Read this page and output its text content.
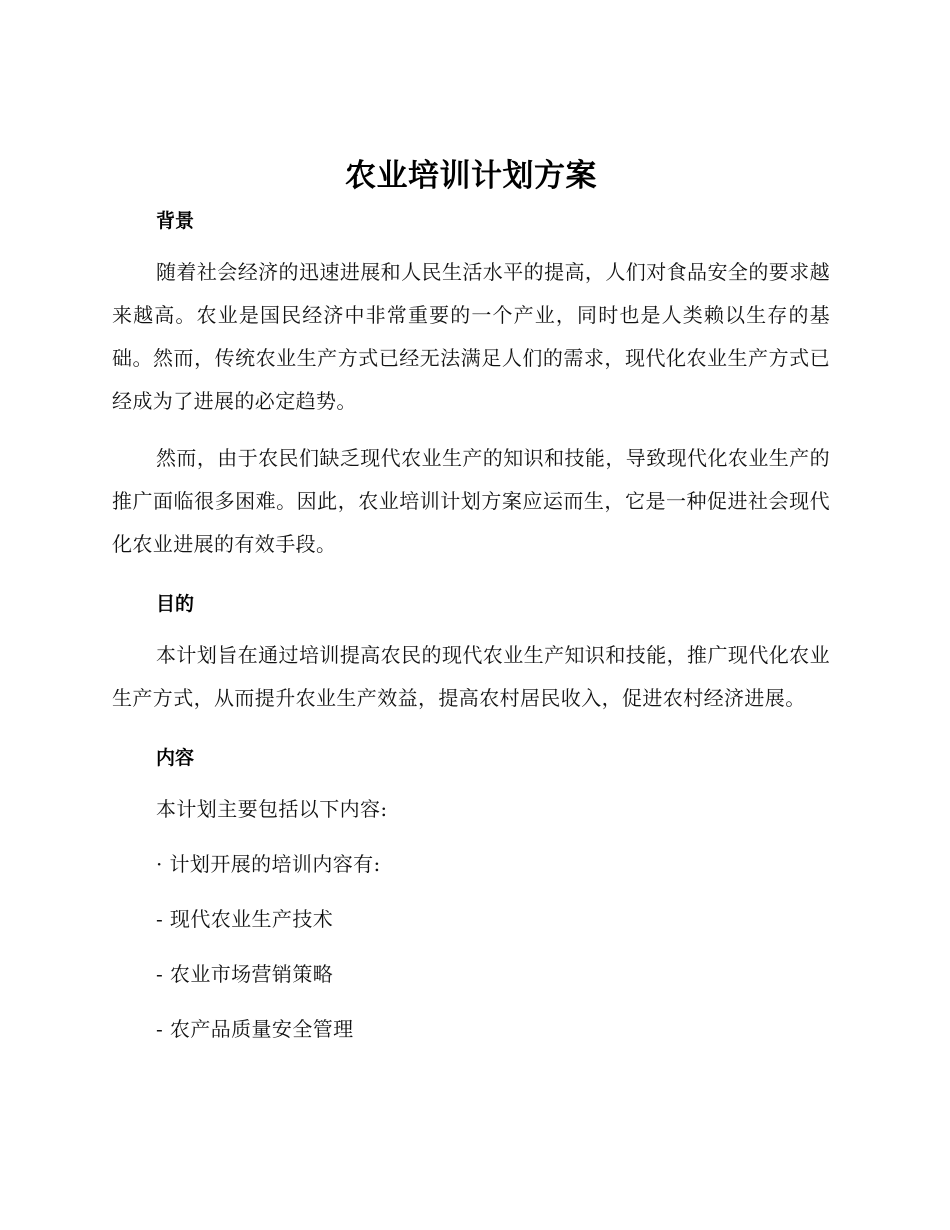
农业培训计划方案
背景

随着社会经济的迅速进展和人民生活水平的提高，人们对食品安全的要求越来越高。农业是国民经济中非常重要的一个产业，同时也是人类赖以生存的基础。然而，传统农业生产方式已经无法满足人们的需求，现代化农业生产方式已经成为了进展的必定趋势。

然而，由于农民们缺乏现代农业生产的知识和技能，导致现代化农业生产的推广面临很多困难。因此，农业培训计划方案应运而生，它是一种促进社会现代化农业进展的有效手段。

目的

本计划旨在通过培训提高农民的现代农业生产知识和技能，推广现代化农业生产方式，从而提升农业生产效益，提高农村居民收入，促进农村经济进展。

内容
本计划主要包括以下内容:
· 计划开展的培训内容有:
- 现代农业生产技术
- 农业市场营销策略
- 农产品质量安全管理
